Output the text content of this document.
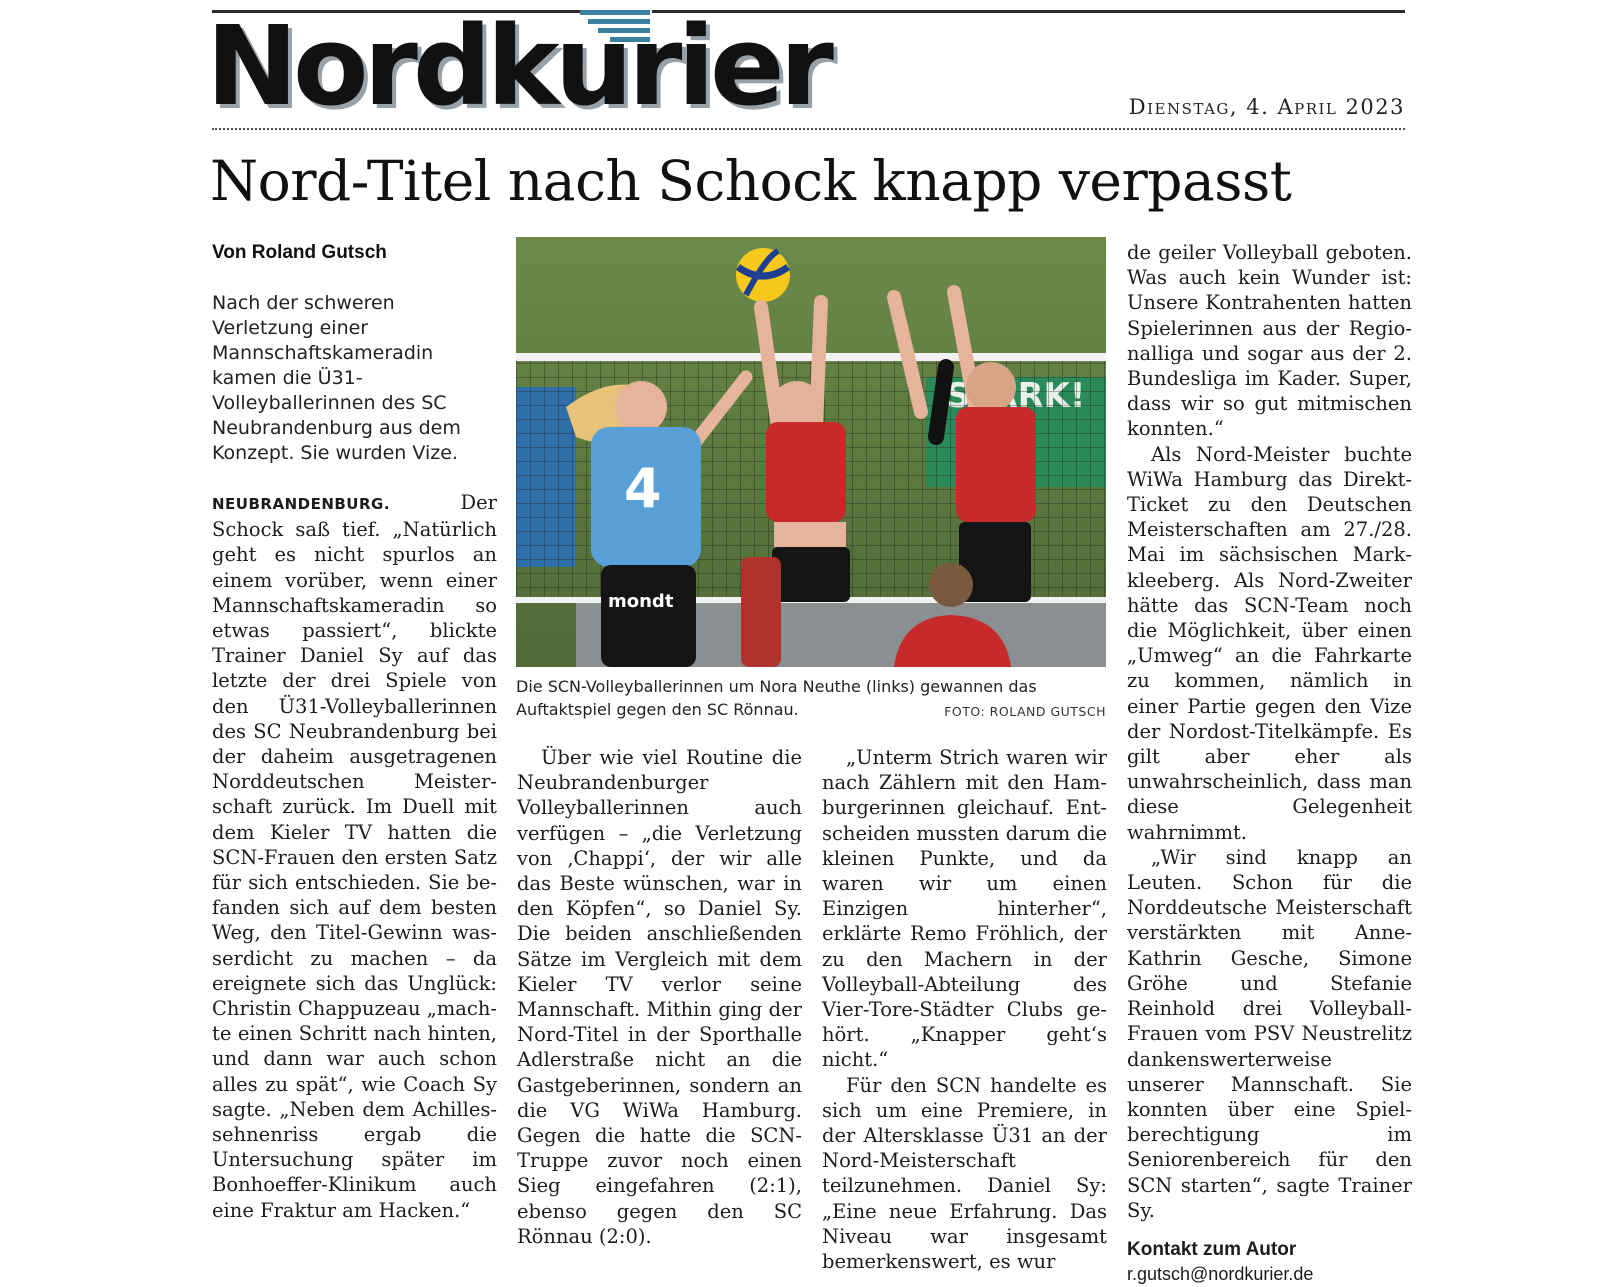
Nordkurier	Dienstag, 4. April 2023
Nord-Titel nach Schock knapp verpasst
Von Roland Gutsch
Nach der schweren Verletzung einer Mannschaftskameradin kamen die Ü31-Volleyballerinnen des SC Neubrandenburg aus dem Konzept. Sie wurden Vize.

NEUBRANDENBURG. Der Schock saß tief. „Natürlich geht es nicht spurlos an einem vorüber, wenn einer Mannschaftskameradin so etwas passiert“, blickte Trainer Daniel Sy auf das letzte der drei Spiele von den Ü31-Volleyballerinnen des SC Neubrandenburg bei der daheim ausgetragenen Norddeutschen Meisterschaft zurück. Im Duell mit dem Kieler TV hatten die SCN-Frauen den ersten Satz für sich entschieden. Sie befanden sich auf dem besten Weg, den Titel-Gewinn wasserdicht zu machen – da ereignete sich das Unglück: Christin Chappuzeau „machte einen Schritt nach hinten, und dann war auch schon alles zu spät“, wie Coach Sy sagte. „Neben dem Achillessehnenriss ergab die Untersuchung später im Bonhoeffer-Klinikum auch eine Fraktur am Hacken.“

4
mondt
Die SCN-Volleyballerinnen um Nora Neuthe (links) gewannen das Auftaktspiel gegen den SC Rönnau.	FOTO: ROLAND GUTSCH

Über wie viel Routine die Neubrandenburger Volleyballerinnen auch verfügen – „die Verletzung von ‚Chappi‘, der wir alle das Beste wünschen, war in den Köpfen“, so Daniel Sy. Die beiden anschließenden Sätze im Vergleich mit dem Kieler TV verlor seine Mannschaft. Mithin ging der Nord-Titel in der Sporthalle Adlerstraße nicht an die Gastgeberinnen, sondern an die VG WiWa Hamburg. Gegen die hatte die SCN-Truppe zuvor noch einen Sieg eingefahren (2:1), ebenso gegen den SC Rönnau (2:0).

„Unterm Strich waren wir nach Zählern mit den Hamburgerinnen gleichauf. Entscheiden mussten darum die kleinen Punkte, und da waren wir um einen Einzigen hinterher“, erklärte Remo Fröhlich, der zu den Machern in der Volleyball-Abteilung des Vier-Tore-Städter Clubs gehört. „Knapper geht‘s nicht.“

Für den SCN handelte es sich um eine Premiere, in der Altersklasse Ü31 an der Nord-Meisterschaft teilzunehmen. Daniel Sy: „Eine neue Erfahrung. Das Niveau war insgesamt bemerkenswert, es wur

de geiler Volleyball geboten. Was auch kein Wunder ist: Unsere Kontrahenten hatten Spielerinnen aus der Regionalliga und sogar aus der 2. Bundesliga im Kader. Super, dass wir so gut mitmischen konnten.“

Als Nord-Meister buchte WiWa Hamburg das Direkt-Ticket zu den Deutschen Meisterschaften am 27./28. Mai im sächsischen Markkleeberg. Als Nord-Zweiter hätte das SCN-Team noch die Möglichkeit, über einen „Umweg“ an die Fahrkarte zu kommen, nämlich in einer Partie gegen den Vize der Nordost-Titelkämpfe. Es gilt aber eher als unwahrscheinlich, dass man diese Gelegenheit wahrnimmt.

„Wir sind knapp an Leuten. Schon für die Norddeutsche Meisterschaft verstärkten mit Anne-Kathrin Gesche, Simone Gröhe und Stefanie Reinhold drei Volleyball-Frauen vom PSV Neustrelitz dankenswerterweise unserer Mannschaft. Sie konnten über eine Spielberechtigung im Seniorenbereich für den SCN starten“, sagte Trainer Sy.

Kontakt zum Autor

r.gutsch@nordkurier.de
